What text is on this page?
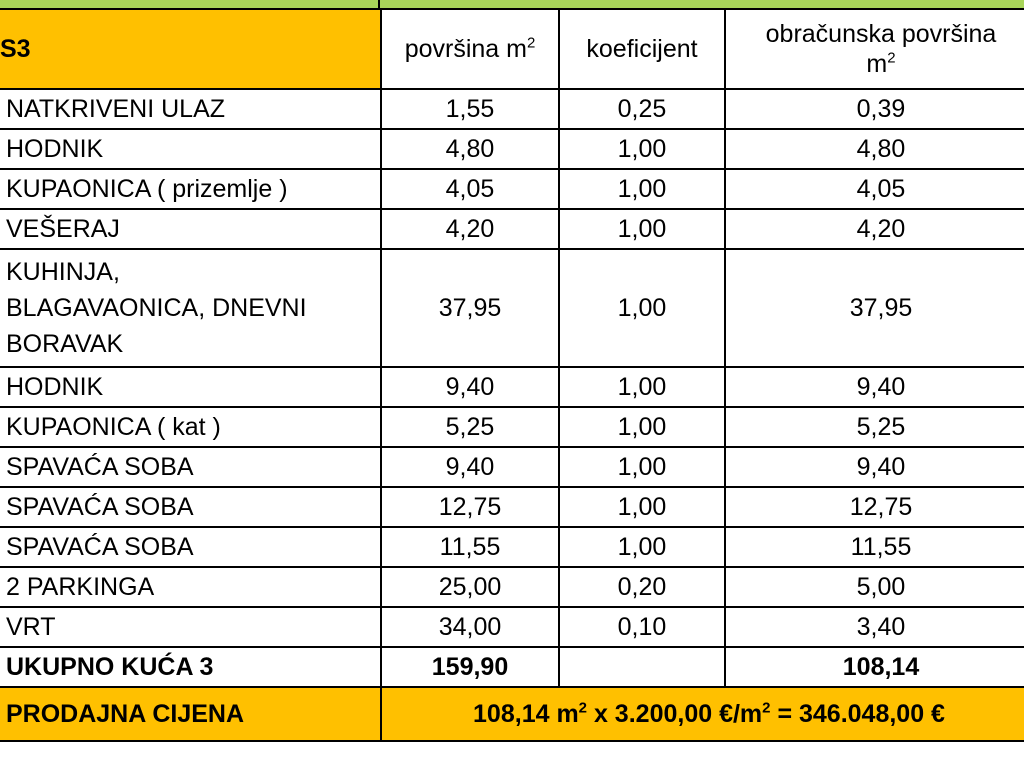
S3	površina $m^2$	koeficijent	obračunska površina
$m^2$
NATKRIVENI ULAZ	1,55	0,25	0,39
HODNIK	4,80	1,00	4,80
KUPAONICA ( prizemlje )	4,05	1,00	4,05
VEŠERAJ	4,20	1,00	4,20

KUHINJA,
BLAGAVAONICA, DNEVNI
BORAVAK	37,95	1,00	37,95
HODNIK	9,40	1,00	9,40
KUPAONICA ( kat )	5,25	1,00	5,25
SPAVAĆA SOBA	9,40	1,00	9,40
SPAVAĆA SOBA	12,75	1,00	12,75
SPAVAĆA SOBA	11,55	1,00	11,55
2 PARKINGA	25,00	0,20	5,00
VRT	34,00	0,10	3,40
UKUPNO KUĆA 3	159,90		108,14
PRODAJNA CIJENA	108,14 $m^2$ x 3.200,00 $€/m^2 = 346.048,00$ €		
